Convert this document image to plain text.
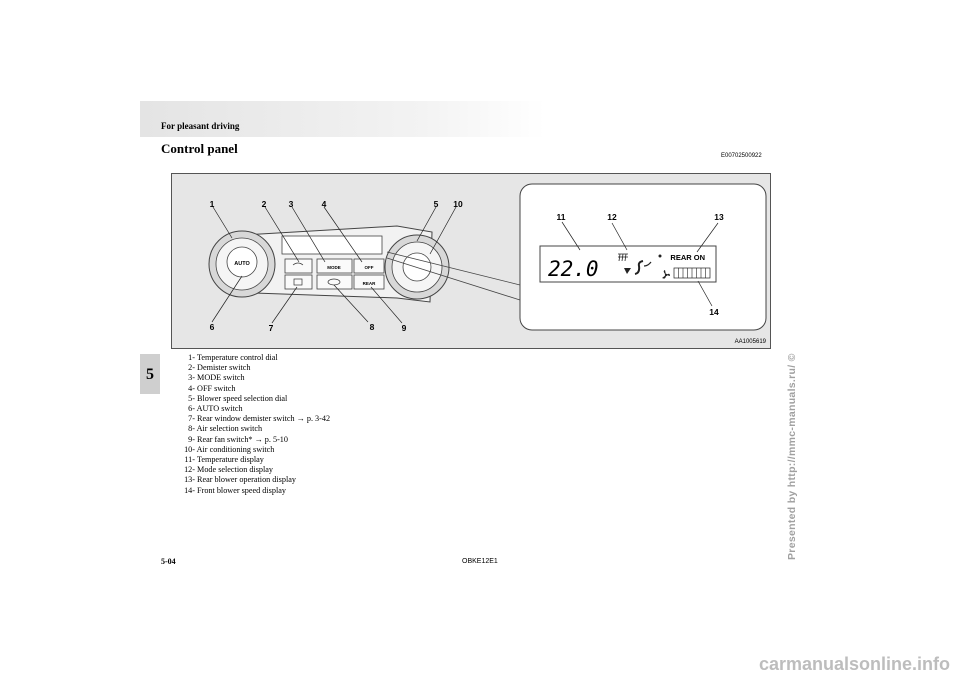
For pleasant driving
Control panel	E00702500922
AUTO
MODE	OFF
REAR
22.0	REAR ON
1	2	3	4	5 10
6	7	8	9
11	12	13
14
AA1005619
5
1- Temperature control dial
2- Demister switch
3- MODE switch
4- OFF switch
5- Blower speed selection dial
6- AUTO switch
7- Rear window demister switch → p. 3-42
8- Air selection switch
9- Rear fan switch* → p. 5-10
10- Air conditioning switch
11- Temperature display
12- Mode selection display
13- Rear blower operation display
14- Front blower speed display
5-04	OBKE12E1
Presented by http://mmc-manuals.ru/ ©
carmanualsonline.info
